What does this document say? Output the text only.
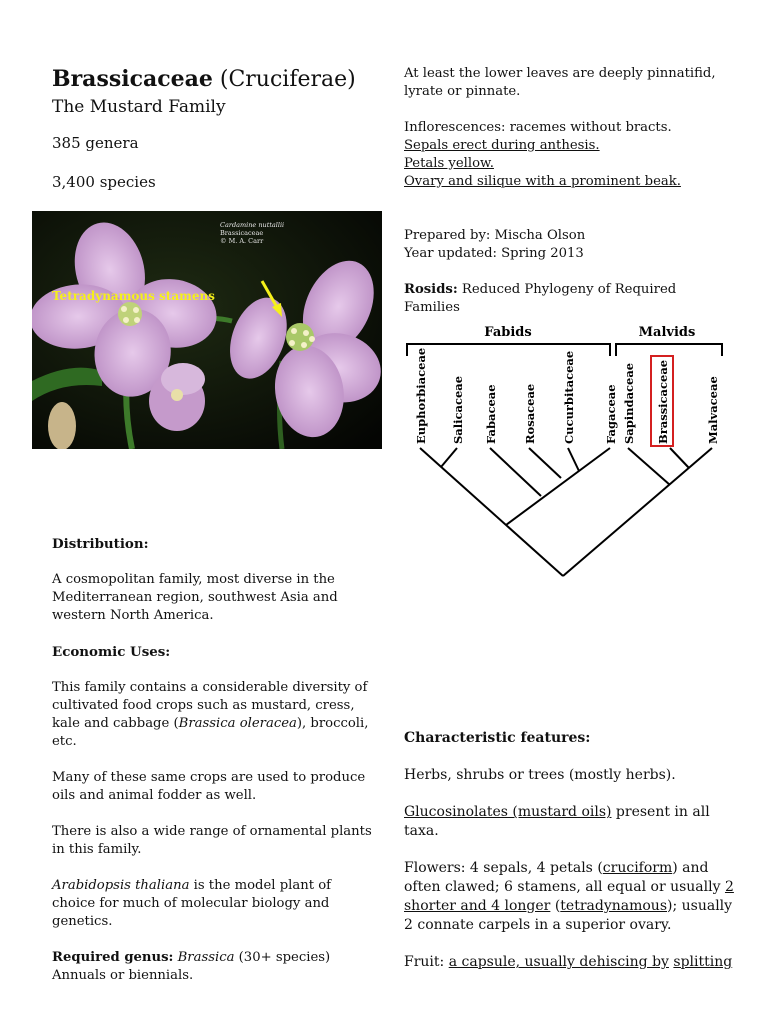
Brassicaceae (Cruciferae)
The Mustard Family
385 genera
3,400 species
Cardamine nuttallii
Brassicaceae
© M. A. Carr
Tetradynamous stamens

At least the lower leaves are deeply pinnatifid, lyrate or pinnate.

Inflorescences: racemes without bracts.

Sepals erect during anthesis.

Petals yellow.

Ovary and silique with a prominent beak.

Prepared by: Mischa Olson

Year updated: Spring 2013

Rosids: Reduced Phylogeny of Required Families

Fabids	Malvids
Euphorbiaceae Salicaceae Fabaceae Rosaceae Cucurbitaceae Fagaceae Sapindaceae Brassicaceae	Malvaceae

Distribution:

A cosmopolitan family, most diverse in the Mediterranean region, southwest Asia and western North America.

Economic Uses:

This family contains a considerable diversity of cultivated food crops such as mustard, cress, kale and cabbage (Brassica oleracea), broccoli, etc.

Many of these same crops are used to produce oils and animal fodder as well.

There is also a wide range of ornamental plants in this family.

Arabidopsis thaliana is the model plant of choice for much of molecular biology and genetics.

Required genus: Brassica (30+ species)

Annuals or biennials.

Characteristic features:

Herbs, shrubs or trees (mostly herbs).

Glucosinolates (mustard oils) present in all taxa.

Flowers: 4 sepals, 4 petals (cruciform) and often clawed; 6 stamens, all equal or usually 2 shorter and 4 longer (tetradynamous); usually 2 connate carpels in a superior ovary.

Fruit: a capsule, usually dehiscing by splitting
